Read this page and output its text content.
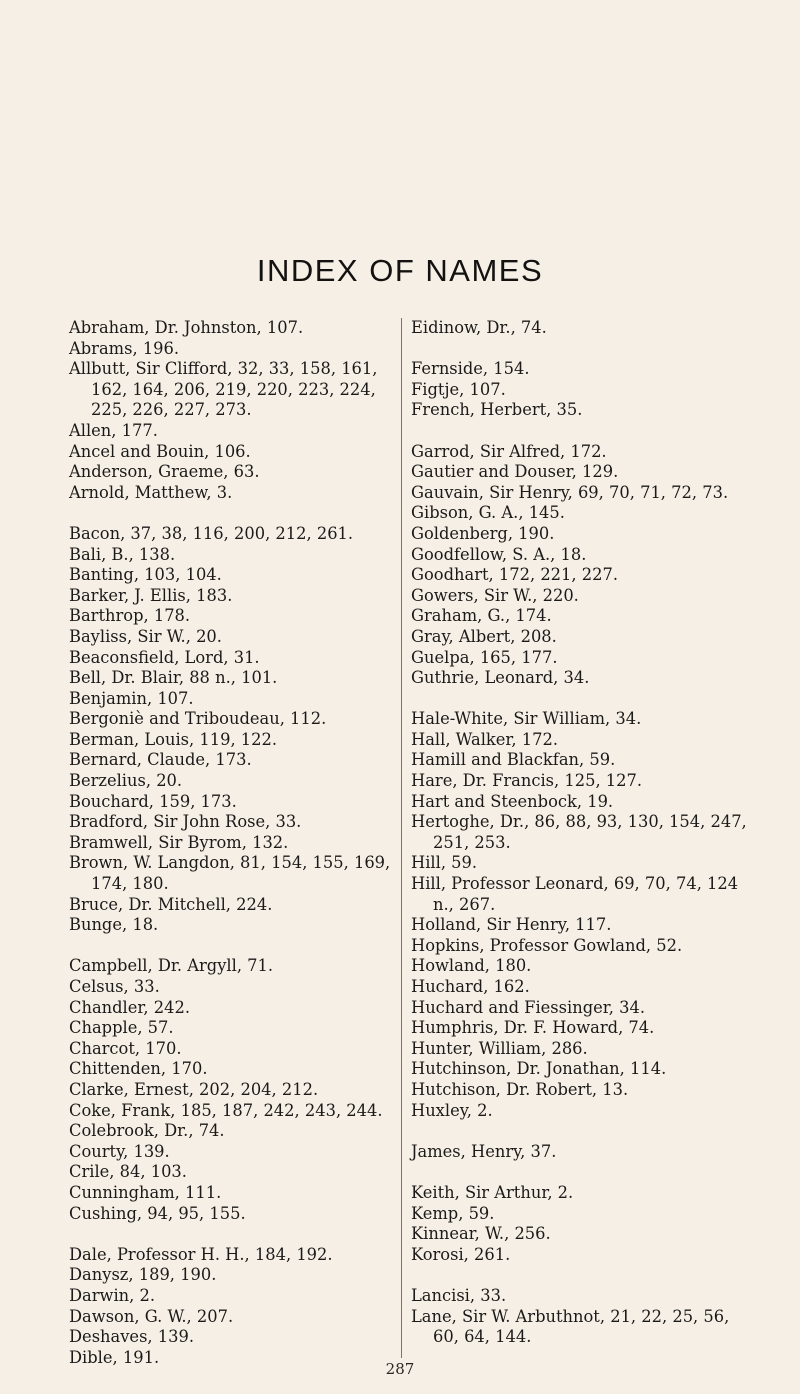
INDEX OF NAMES
Abraham, Dr. Johnston, 107.
Abrams, 196.
Allbutt, Sir Clifford, 32, 33, 158, 161, 162, 164, 206, 219, 220, 223, 224, 225, 226, 227, 273.
Allen, 177.
Ancel and Bouin, 106.
Anderson, Graeme, 63.
Arnold, Matthew, 3.
Bacon, 37, 38, 116, 200, 212, 261.
Bali, B., 138.
Banting, 103, 104.
Barker, J. Ellis, 183.
Barthrop, 178.
Bayliss, Sir W., 20.
Beaconsfield, Lord, 31.
Bell, Dr. Blair, 88 n., 101.
Benjamin, 107.
Bergoniè and Triboudeau, 112.
Berman, Louis, 119, 122.
Bernard, Claude, 173.
Berzelius, 20.
Bouchard, 159, 173.
Bradford, Sir John Rose, 33.
Bramwell, Sir Byrom, 132.
Brown, W. Langdon, 81, 154, 155, 169, 174, 180.
Bruce, Dr. Mitchell, 224.
Bunge, 18.
Campbell, Dr. Argyll, 71.
Celsus, 33.
Chandler, 242.
Chapple, 57.
Charcot, 170.
Chittenden, 170.
Clarke, Ernest, 202, 204, 212.
Coke, Frank, 185, 187, 242, 243, 244.
Colebrook, Dr., 74.
Courty, 139.
Crile, 84, 103.
Cunningham, 111.
Cushing, 94, 95, 155.
Dale, Professor H. H., 184, 192.
Danysz, 189, 190.
Darwin, 2.
Dawson, G. W., 207.
Deshaves, 139.
Dible, 191.
Eidinow, Dr., 74.
Fernside, 154.
Figtje, 107.
French, Herbert, 35.
Garrod, Sir Alfred, 172.
Gautier and Douser, 129.
Gauvain, Sir Henry, 69, 70, 71, 72, 73.
Gibson, G. A., 145.
Goldenberg, 190.
Goodfellow, S. A., 18.
Goodhart, 172, 221, 227.
Gowers, Sir W., 220.
Graham, G., 174.
Gray, Albert, 208.
Guelpa, 165, 177.
Guthrie, Leonard, 34.
Hale-White, Sir William, 34.
Hall, Walker, 172.
Hamill and Blackfan, 59.
Hare, Dr. Francis, 125, 127.
Hart and Steenbock, 19.
Hertoghe, Dr., 86, 88, 93, 130, 154, 247, 251, 253.
Hill, 59.
Hill, Professor Leonard, 69, 70, 74, 124 n., 267.
Holland, Sir Henry, 117.
Hopkins, Professor Gowland, 52.
Howland, 180.
Huchard, 162.
Huchard and Fiessinger, 34.
Humphris, Dr. F. Howard, 74.
Hunter, William, 286.
Hutchinson, Dr. Jonathan, 114.
Hutchison, Dr. Robert, 13.
Huxley, 2.
James, Henry, 37.
Keith, Sir Arthur, 2.
Kemp, 59.
Kinnear, W., 256.
Korosi, 261.
Lancisi, 33.
Lane, Sir W. Arbuthnot, 21, 22, 25, 56, 60, 64, 144.
287
